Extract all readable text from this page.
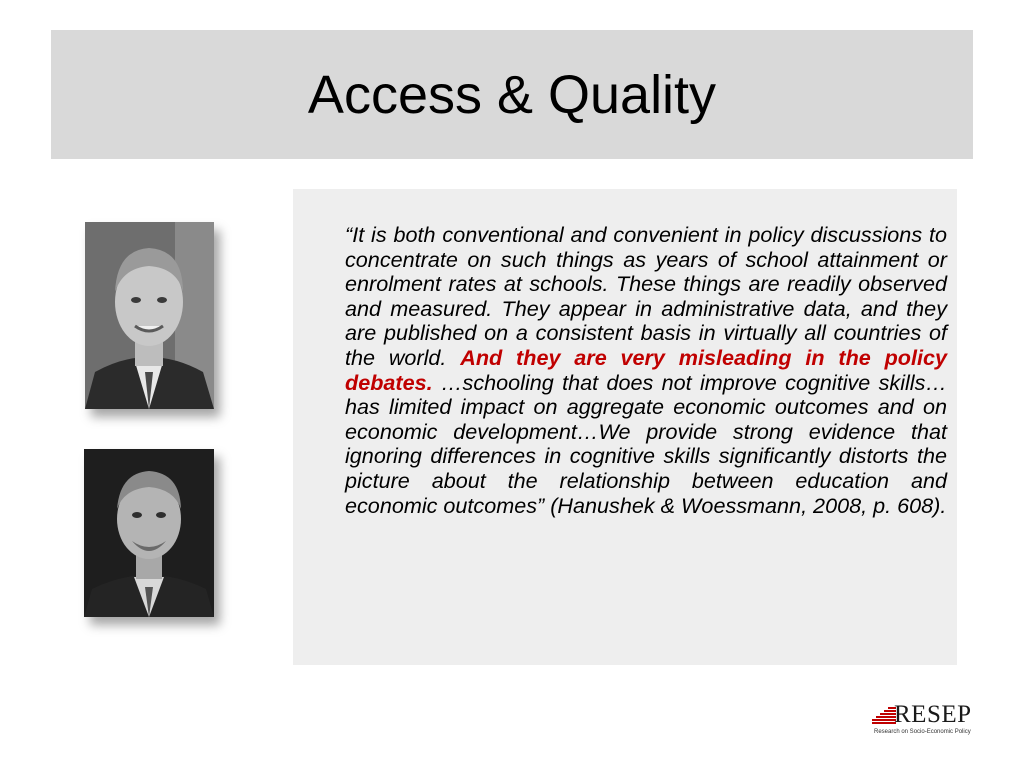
Access & Quality

“It is both conventional and convenient in policy discussions to concentrate on such things as years of school attainment or enrolment rates at schools. These things are readily observed and measured. They appear in administrative data, and they are published on a consistent basis in virtually all countries of the world. And they are very misleading in the policy debates. …schooling that does not improve cognitive skills…has limited impact on aggregate economic outcomes and on economic development…We provide strong evidence that ignoring differences in cognitive skills significantly distorts the picture about the relationship between education and economic outcomes” (Hanushek & Woessmann, 2008, p. 608).

RESEP
Research on Socio-Economic Policy
